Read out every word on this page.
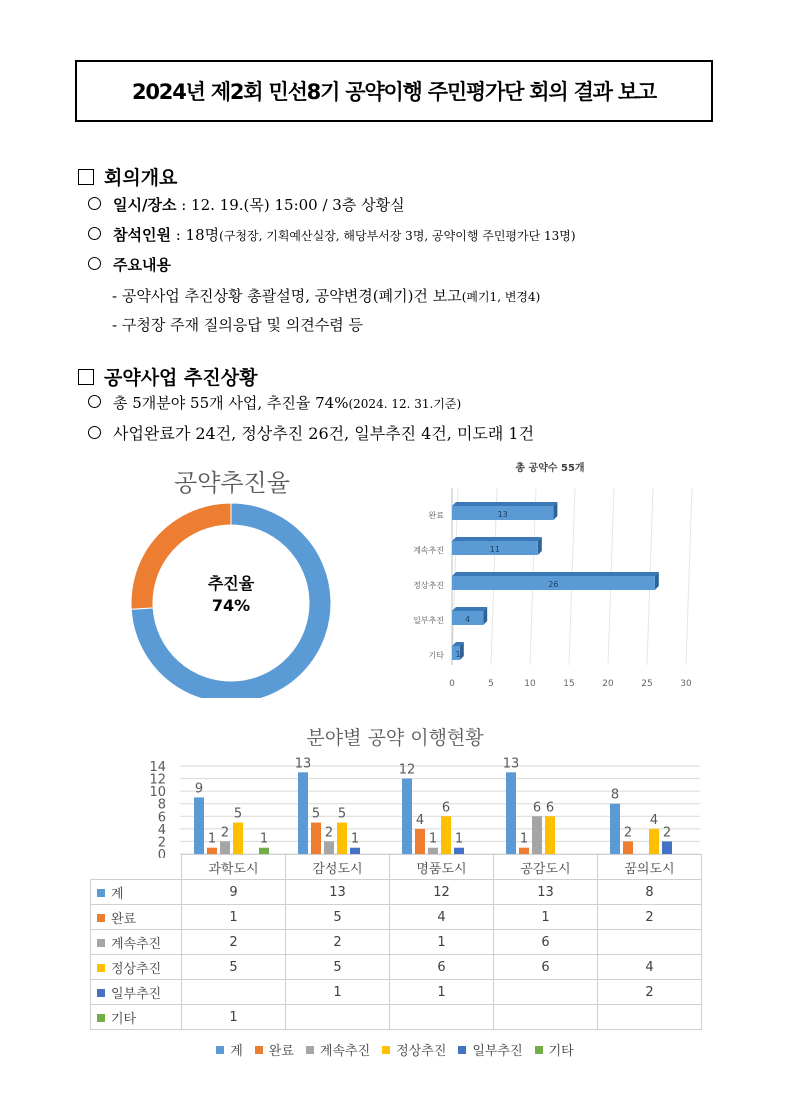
2024년 제2회 민선8기 공약이행 주민평가단 회의 결과 보고
회의개요
일시/장소 : 12. 19.(목) 15:00 / 3층 상황실
참석인원 : 18명(구청장, 기획예산실장, 해당부서장 3명, 공약이행 주민평가단 13명)
주요내용
- 공약사업 추진상황 총괄설명, 공약변경(폐기)건 보고(폐기1, 변경4)
- 구청장 주재 질의응답 및 의견수렴 등
공약사업 추진상황
총 5개분야 55개 사업, 추진율 74%(2024. 12. 31.기준)
사업완료가 24건, 정상추진 26건, 일부추진 4건, 미도래 1건
공약추진율
추진율
74%
총 공약수 55개
0	5	10	15	20	25	30
완료	13
계속추진	11
정상추진	26
일부추진	4
기타 1
분야별 공약 이행현황
0
2
4
6
8
10
12
14
9
1 2
5
1
13
5
2
5
1
12
4
1
6
1
13
1
6 6
8
2
4
2
	과학도시	감성도시	명품도시	공감도시	꿈의도시
계	9	13	12	13	8
완료	1	5	4	1	2
계속추진	2	2	1	6	
정상추진	5	5	6	6	4
일부추진		1	1		2
기타	1				
계 완료 계속추진 정상추진 일부추진 기타
